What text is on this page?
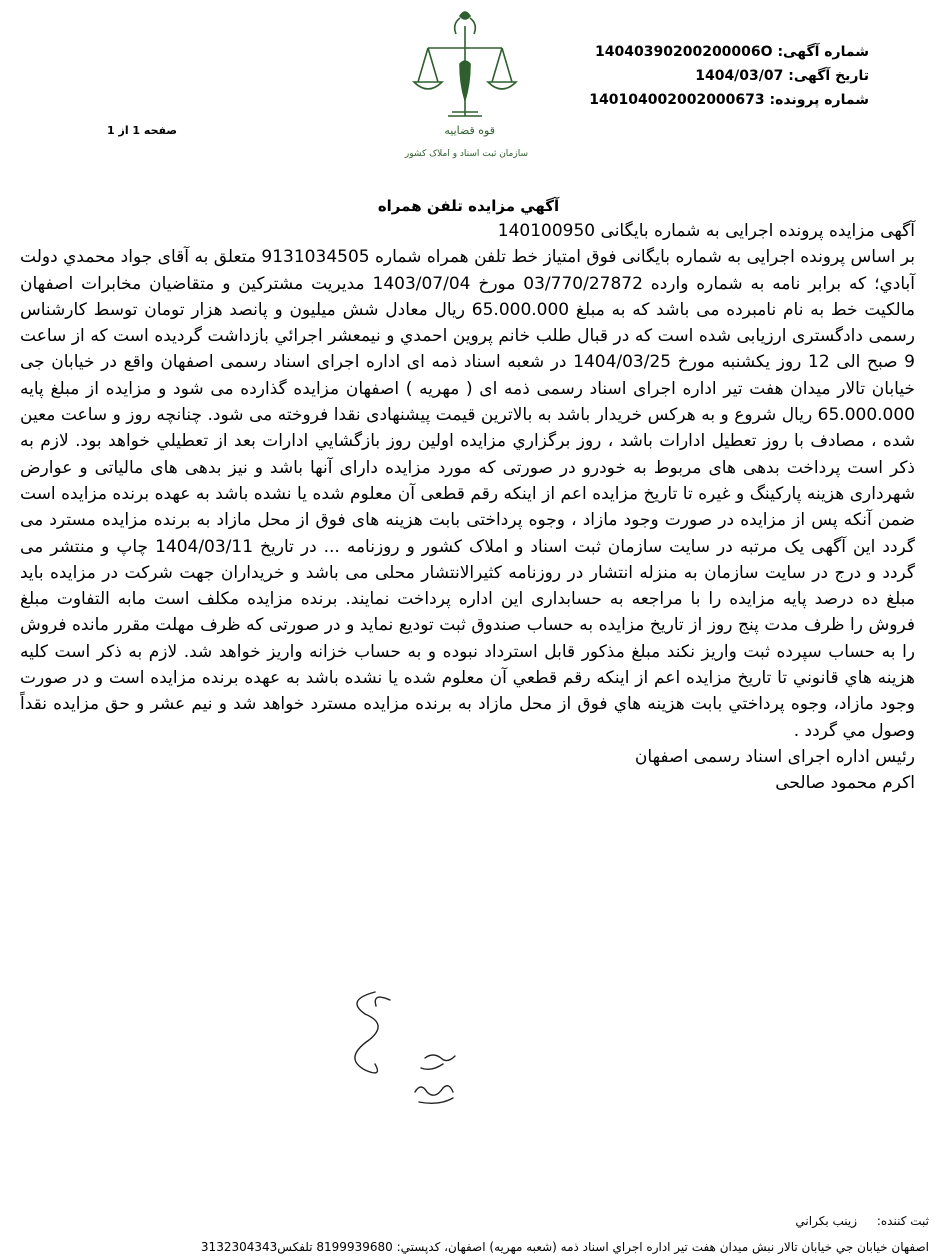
شماره آگهی: 14040390200200006O
تاریخ آگهی: 1404/03/07
شماره پرونده: 140104002002000673
صفحه 1 از 1	قوه قضاییه
سازمان ثبت اسناد و املاک کشور
آگهي مزايده تلفن همراه

آگهی مزایده پرونده اجرایی به شماره بایگانی 140100950

بر اساس پرونده اجرایی به شماره بایگانی فوق امتیاز خط تلفن همراه شماره 9131034505 متعلق به آقای جواد محمدي دولت آبادي؛ که برابر نامه به شماره وارده 03/770/27872 مورخ 1403/07/04 مدیریت مشترکین و متقاضیان مخابرات اصفهان مالکیت خط به نام نامبرده می باشد که به مبلغ 65.000.000 ریال معادل شش میلیون و پانصد هزار تومان توسط کارشناس رسمی دادگستری ارزیابی شده است که در قبال طلب خانم پروین احمدي و نیمعشر اجرائي بازداشت گردیده است که از ساعت 9 صبح الی 12 روز یکشنبه مورخ 1404/03/25 در شعبه اسناد ذمه ای اداره اجرای اسناد رسمی اصفهان واقع در خیابان جی خیابان تالار میدان هفت تیر اداره اجرای اسناد رسمی ذمه ای ( مهریه ) اصفهان مزایده گذارده می شود و مزایده از مبلغ پایه 65.000.000 ریال شروع و به هرکس خریدار باشد به بالاترین قیمت پیشنهادی نقدا فروخته می شود. چنانچه روز و ساعت معین شده ، مصادف با روز تعطیل ادارات باشد ، روز برگزاري مزايده اولين روز بازگشايي ادارات بعد از تعطيلي خواهد بود. لازم به ذکر است پرداخت بدهی های مربوط به خودرو در صورتی که مورد مزایده دارای آنها باشد و نیز بدهی های مالیاتی و عوارض شهرداری هزینه پارکینگ و غیره تا تاریخ مزایده اعم از اینکه رقم قطعی آن معلوم شده یا نشده باشد به عهده برنده مزایده است ضمن آنکه پس از مزایده در صورت وجود مازاد ، وجوه پرداختی بابت هزینه های فوق از محل مازاد به برنده مزایده مسترد می گردد این آگهی یک مرتبه در سایت سازمان ثبت اسناد و املاک کشور و روزنامه ... در تاریخ 1404/03/11 چاپ و منتشر می گردد و درج در سایت سازمان به منزله انتشار در روزنامه کثیرالانتشار محلی می باشد و خریداران جهت شرکت در مزایده باید مبلغ ده درصد پایه مزایده را با مراجعه به حسابداری این اداره پرداخت نمایند. برنده مزایده مکلف است مابه التفاوت مبلغ فروش را ظرف مدت پنج روز از تاریخ مزایده به حساب صندوق ثبت تودیع نماید و در صورتی که ظرف مهلت مقرر مانده فروش را به حساب سپرده ثبت واریز نکند مبلغ مذکور قابل استرداد نبوده و به حساب خزانه واریز خواهد شد. لازم به ذكر است كليه هزينه هاي قانوني تا تاريخ مزايده اعم از اينكه رقم قطعي آن معلوم شده يا نشده باشد به عهده برنده مزايده است و در صورت وجود مازاد، وجوه پرداختي بابت هزينه هاي فوق از محل مازاد به برنده مزايده مسترد خواهد شد و نيم عشر و حق مزايده نقداً وصول مي گردد .

رئیس اداره اجرای اسناد رسمی اصفهان

اکرم محمود صالحی

ثبت كننده: زينب بكراني
اصفهان خيابان جي خيابان تالار نبش ميدان هفت تير اداره اجراي اسناد ذمه (شعبه مهريه) اصفهان، كدپستي: 8199939680 تلفكس3132304343
